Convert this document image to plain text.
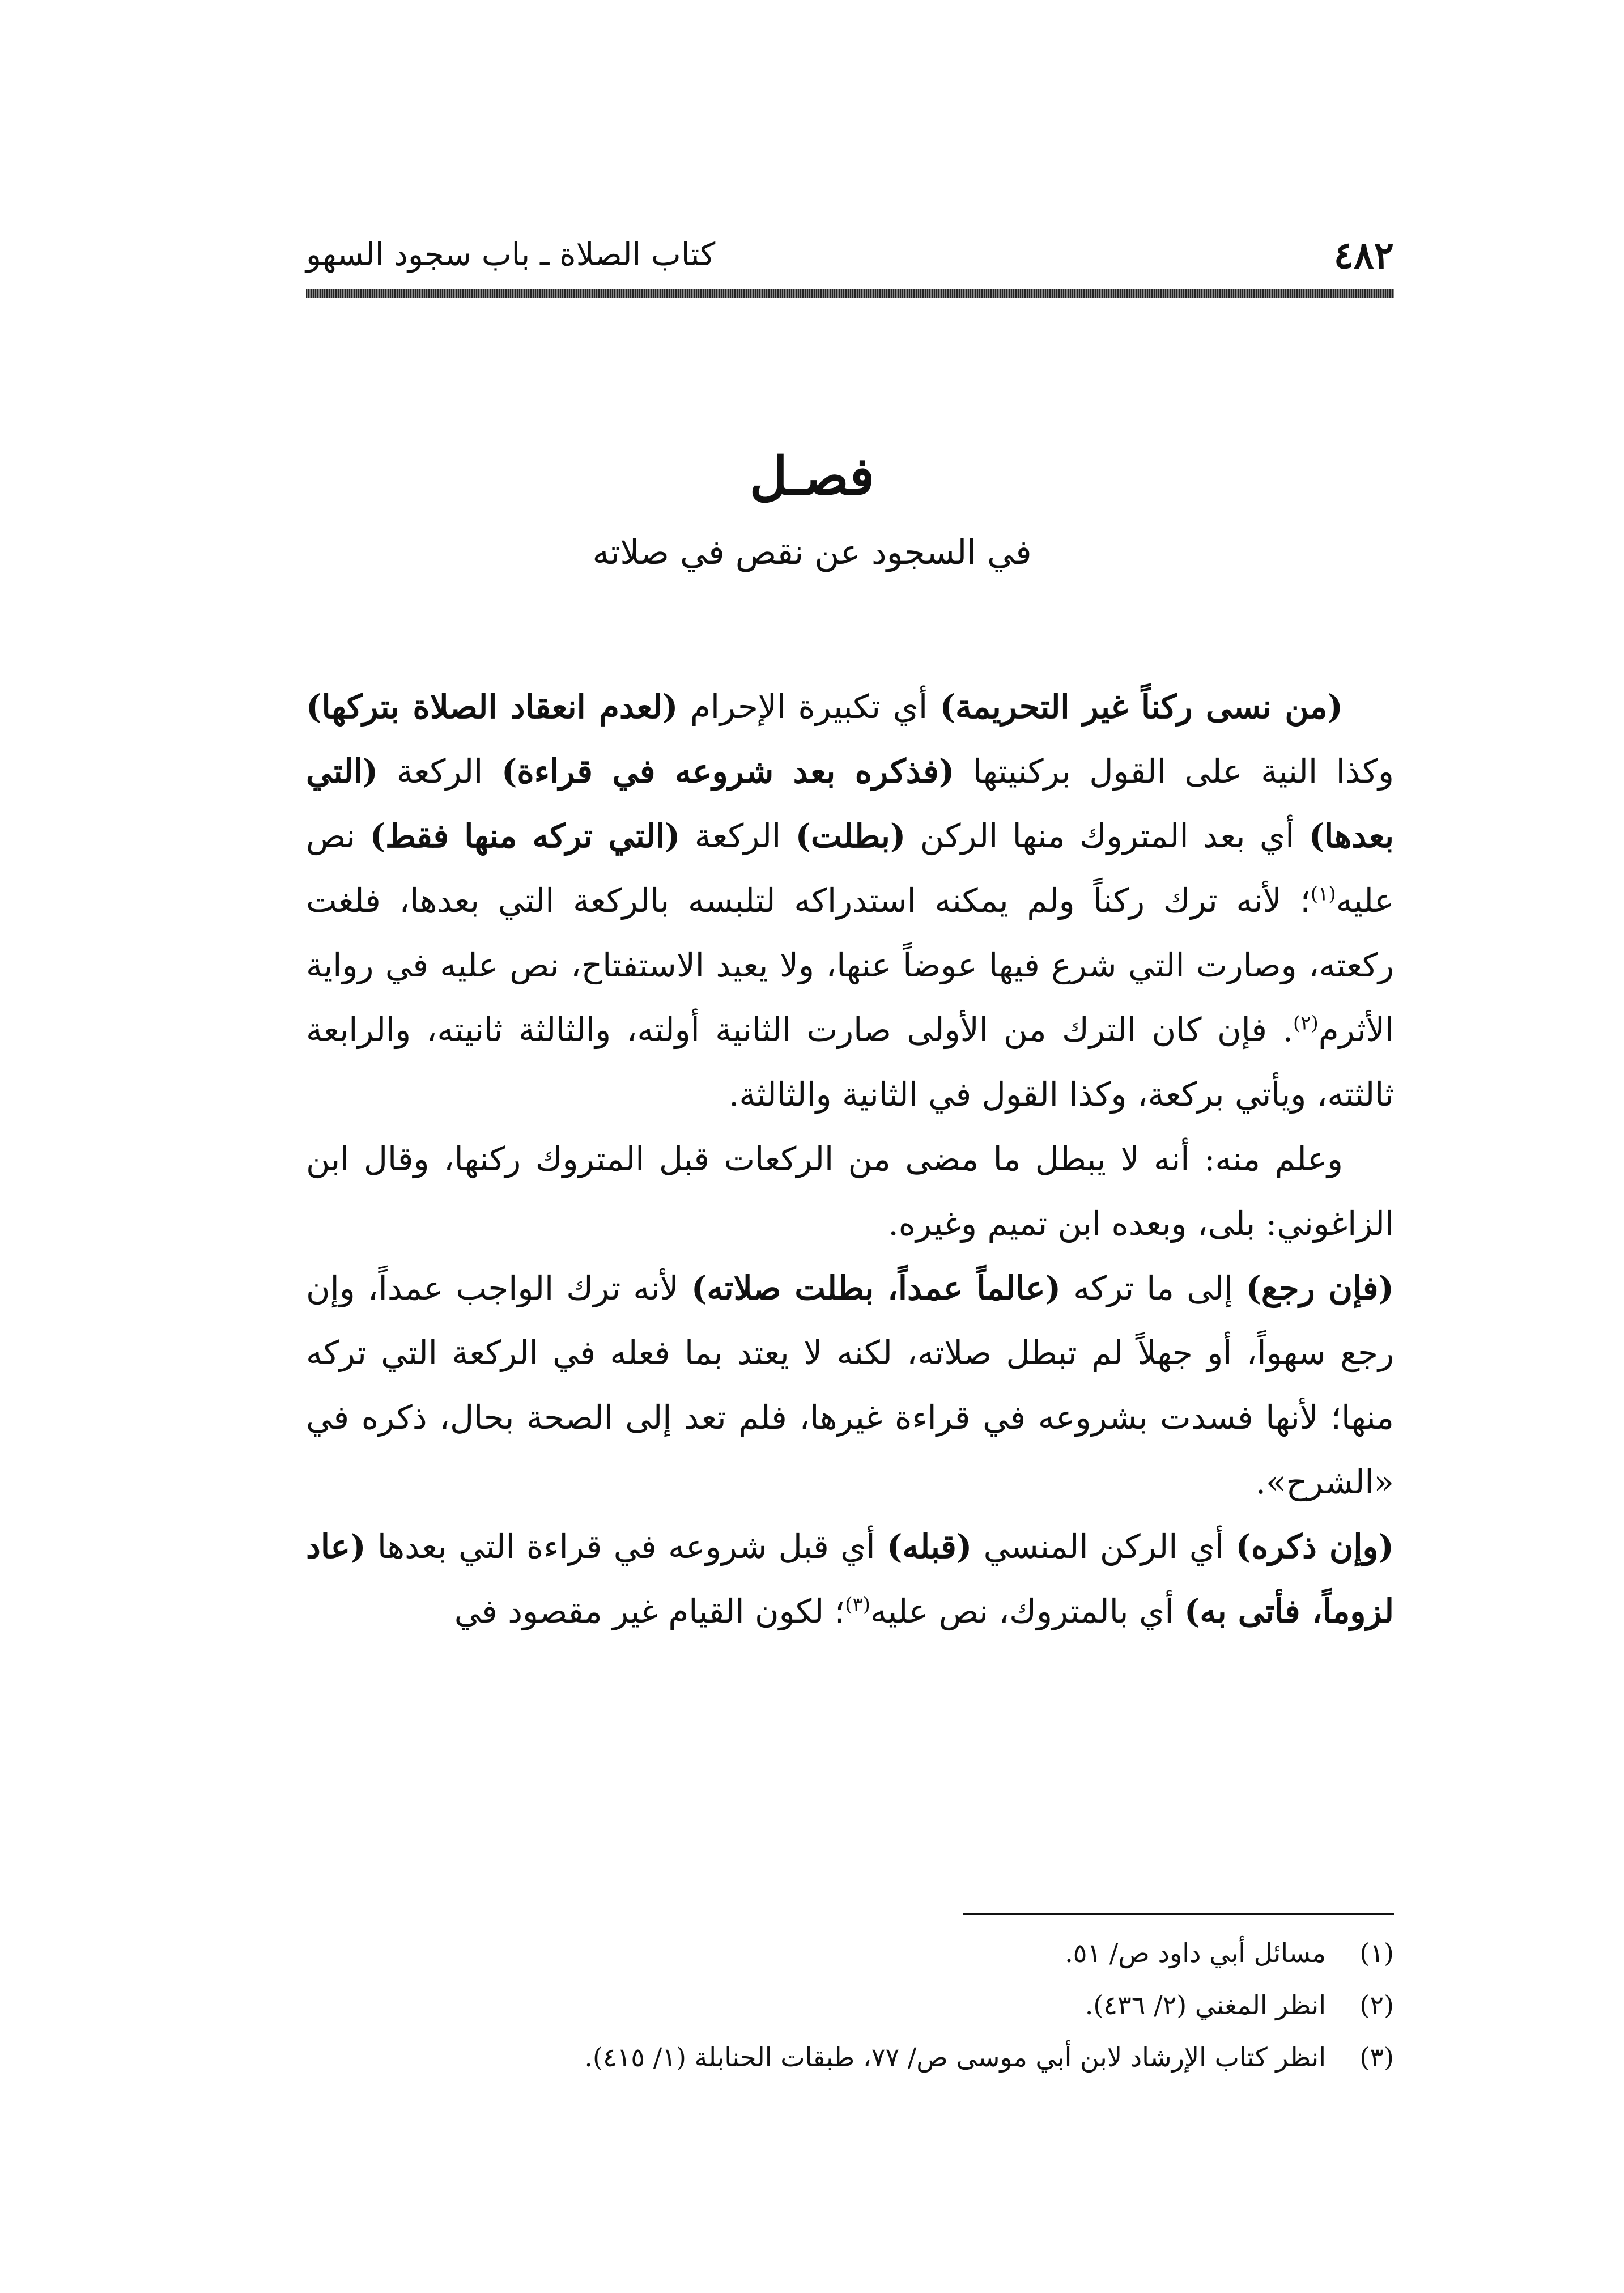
٤٨٢
كتاب الصلاة ـ باب سجود السهو
فصـل
في السجود عن نقص في صلاته

(من نسى ركناً غير التحريمة) أي تكبيرة الإحرام (لعدم انعقاد الصلاة بتركها) وكذا النية على القول بركنيتها (فذكره بعد شروعه في قراءة) الركعة (التي بعدها) أي بعد المتروك منها الركن (بطلت) الركعة (التي تركه منها فقط) نص عليه$^{(١)}$؛ لأنه ترك ركناً ولم يمكنه استدراكه لتلبسه بالركعة التي بعدها، فلغت ركعته، وصارت التي شرع فيها عوضاً عنها، ولا يعيد الاستفتاح، نص عليه في رواية الأثرم$^{(٢)}$. فإن كان الترك من الأولى صارت الثانية أولته، والثالثة ثانيته، والرابعة ثالثته، ويأتي بركعة، وكذا القول في الثانية والثالثة.

وعلم منه: أنه لا يبطل ما مضى من الركعات قبل المتروك ركنها، وقال ابن الزاغوني: بلى، وبعده ابن تميم وغيره.

(فإن رجع) إلى ما تركه (عالماً عمداً، بطلت صلاته) لأنه ترك الواجب عمداً، وإن رجع سهواً، أو جهلاً لم تبطل صلاته، لكنه لا يعتد بما فعله في الركعة التي تركه منها؛ لأنها فسدت بشروعه في قراءة غيرها، فلم تعد إلى الصحة بحال، ذكره في «الشرح».

(وإن ذكره) أي الركن المنسي (قبله) أي قبل شروعه في قراءة التي بعدها (عاد لزوماً، فأتى به) أي بالمتروك، نص عليه$^{(٣)}$؛ لكون القيام غير مقصود في

(١)مسائل أبي داود ص/ ٥١.

(٢)انظر المغني (٢/ ٤٣٦).

(٣)انظر كتاب الإرشاد لابن أبي موسى ص/ ٧٧، طبقات الحنابلة (١/ ٤١٥).
